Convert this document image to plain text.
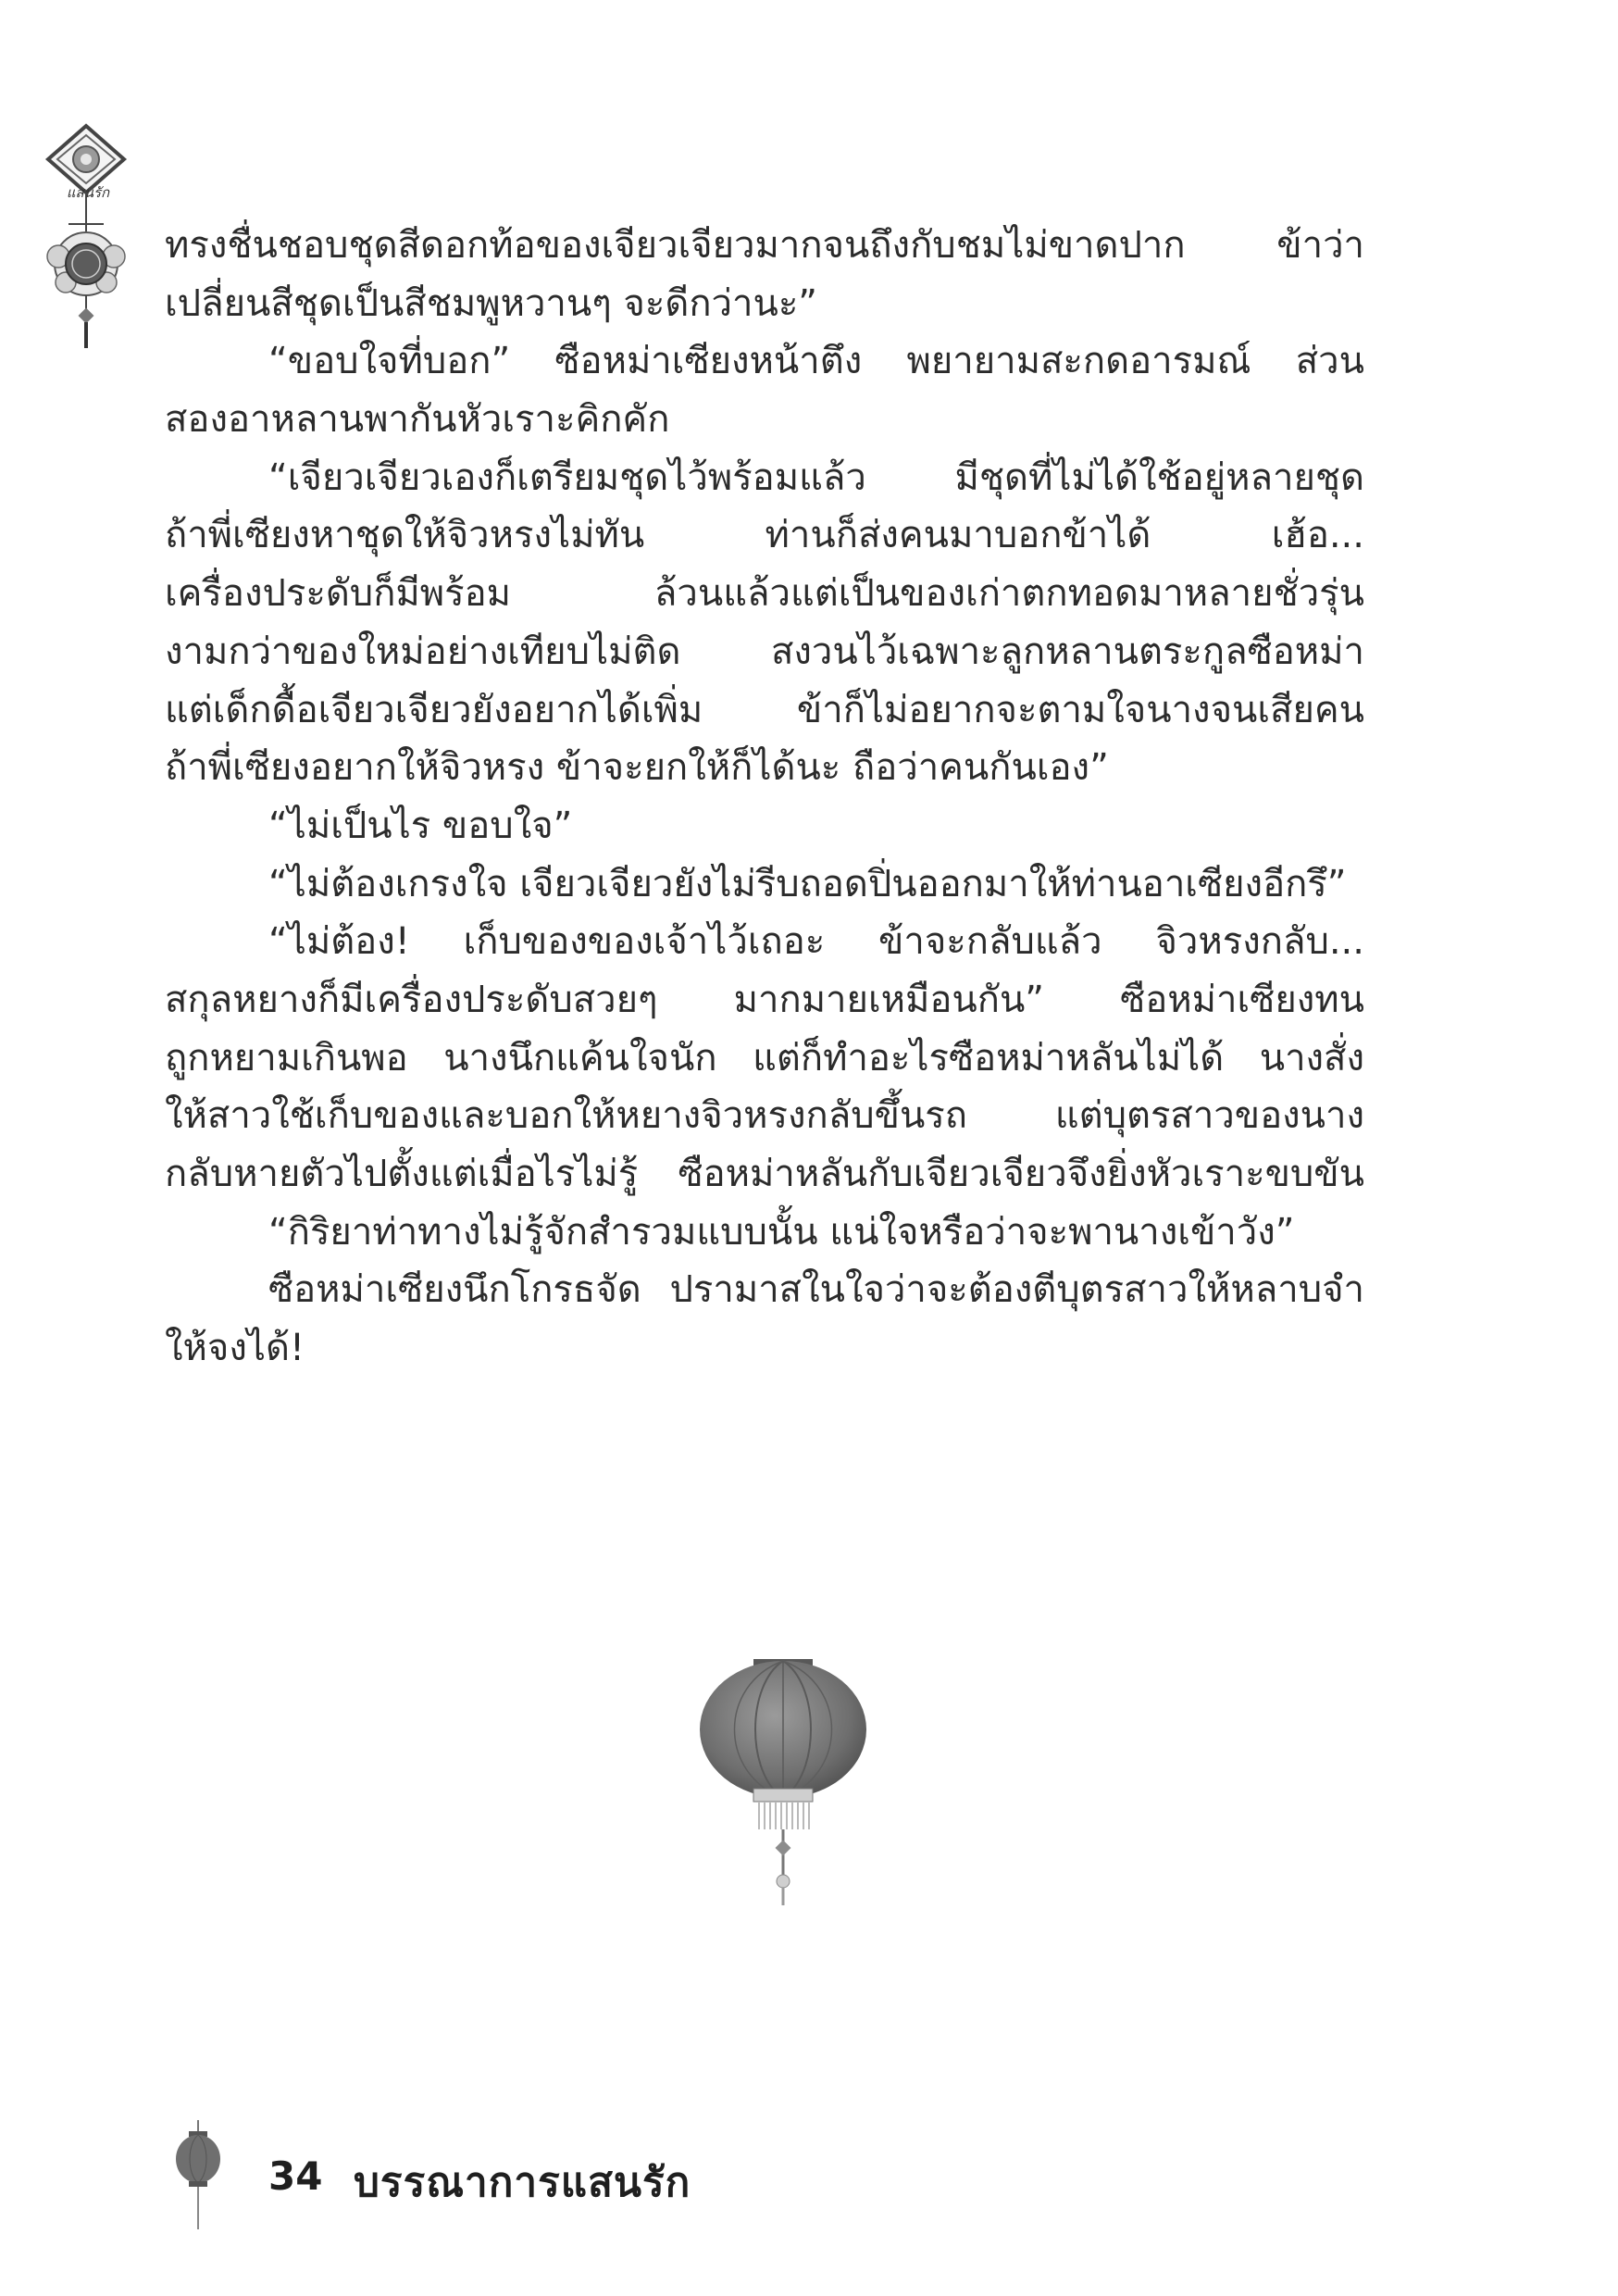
แสนรัก
ทรงชื่นชอบชุดสีดอกท้อของเจียวเจียวมากจนถึงกับชมไม่ขาดปาก ข้าว่า
เปลี่ยนสีชุดเป็นสีชมพูหวานๆ จะดีกว่านะ”
“ขอบใจที่บอก” ซือหม่าเซียงหน้าตึง พยายามสะกดอารมณ์ ส่วน
สองอาหลานพากันหัวเราะคิกคัก
“เจียวเจียวเองก็เตรียมชุดไว้พร้อมแล้ว มีชุดที่ไม่ได้ใช้อยู่หลายชุด
ถ้าพี่เซียงหาชุดให้จิวหรงไม่ทัน ท่านก็ส่งคนมาบอกข้าได้ เฮ้อ...
เครื่องประดับก็มีพร้อม ล้วนแล้วแต่เป็นของเก่าตกทอดมาหลายชั่วรุ่น
งามกว่าของใหม่อย่างเทียบไม่ติด สงวนไว้เฉพาะลูกหลานตระกูลซือหม่า
แต่เด็กดื้อเจียวเจียวยังอยากได้เพิ่ม ข้าก็ไม่อยากจะตามใจนางจนเสียคน
ถ้าพี่เซียงอยากให้จิวหรง ข้าจะยกให้ก็ได้นะ ถือว่าคนกันเอง”
“ไม่เป็นไร ขอบใจ”
“ไม่ต้องเกรงใจ เจียวเจียวยังไม่รีบถอดปิ่นออกมาให้ท่านอาเซียงอีกรึ”
“ไม่ต้อง! เก็บของของเจ้าไว้เถอะ ข้าจะกลับแล้ว จิวหรงกลับ...
สกุลหยางก็มีเครื่องประดับสวยๆ มากมายเหมือนกัน” ซือหม่าเซียงทน
ถูกหยามเกินพอ นางนึกแค้นใจนัก แต่ก็ทำอะไรซือหม่าหลันไม่ได้ นางสั่ง
ให้สาวใช้เก็บของและบอกให้หยางจิวหรงกลับขึ้นรถ แต่บุตรสาวของนาง
กลับหายตัวไปตั้งแต่เมื่อไรไม่รู้ ซือหม่าหลันกับเจียวเจียวจึงยิ่งหัวเราะขบขัน
“กิริยาท่าทางไม่รู้จักสำรวมแบบนั้น แน่ใจหรือว่าจะพานางเข้าวัง”
ซือหม่าเซียงนึกโกรธจัด ปรามาสในใจว่าจะต้องตีบุตรสาวให้หลาบจำ
ให้จงได้!
34 บรรณาการแสนรัก
